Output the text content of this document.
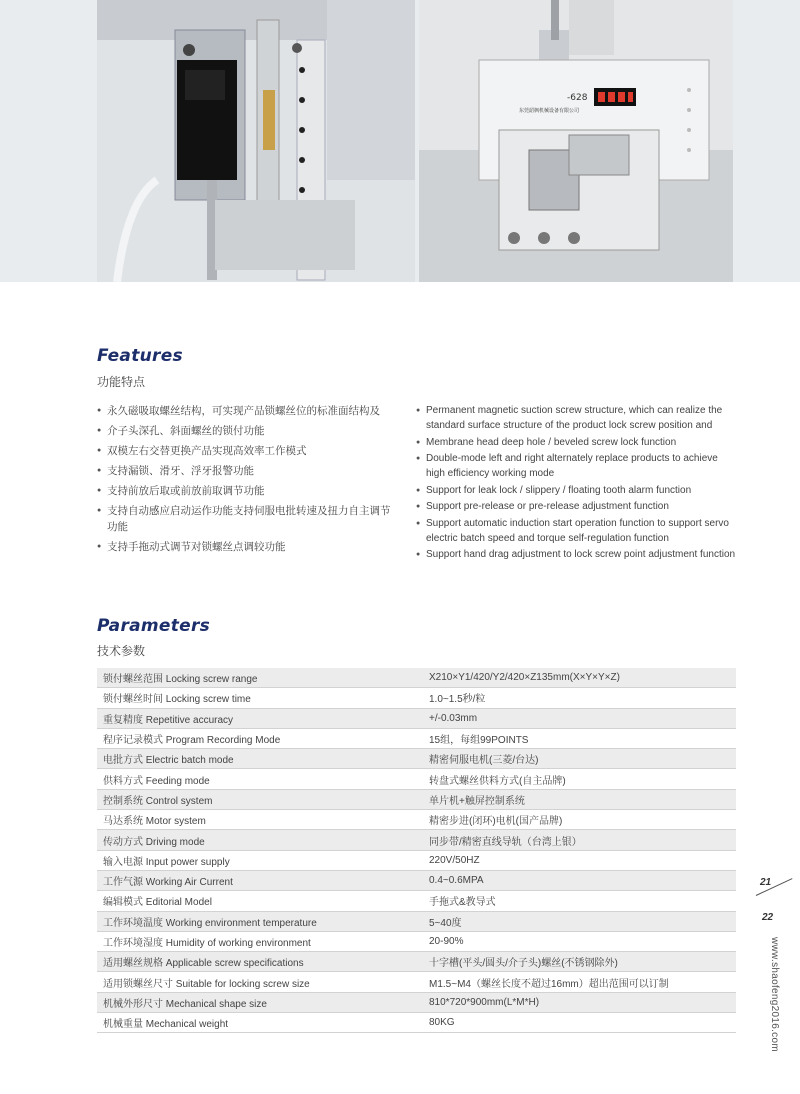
-628
东莞韶枫机械设备有限公司
Features
功能特点
● 永久磁吸取螺丝结构，可实现产品锁螺丝位的标准面结构及
● 介子头深孔、斜面螺丝的锁付功能
● 双模左右交替更换产品实现高效率工作模式
● 支持漏锁、滑牙、浮牙报警功能
● 支持前放后取或前放前取调节功能
● 支持自动感应启动运作功能支持伺服电批转速及扭力自主调节功能
● 支持手拖动式调节对锁螺丝点调较功能
● Permanent magnetic suction screw structure, which can realize the standard surface structure of the product lock screw position and
● Membrane head deep hole / beveled screw lock function
● Double-mode left and right alternately replace products to achieve high efficiency working mode
● Support for leak lock / slippery / floating tooth alarm function
● Support pre-release or pre-release adjustment function
● Support automatic induction start operation function to support servo electric batch speed and torque self-regulation function
● Support hand drag adjustment to lock screw point adjustment function
Parameters
技术参数
锁付螺丝范围 Locking screw range	X210×Y1/420/Y2/420×Z135mm(X×Y×Y×Z)
锁付螺丝时间 Locking screw time	1.0~1.5秒/粒
重复精度 Repetitive accuracy	+/-0.03mm
程序记录模式 Program Recording Mode	15组，每组99POINTS
电批方式 Electric batch mode	精密伺服电机(三菱/台达)
供料方式 Feeding mode	转盘式螺丝供料方式(自主品牌)
控制系统 Control system	单片机+触屏控制系统
马达系统 Motor system	精密步进(闭环)电机(国产品牌)
传动方式 Driving mode	同步带/精密直线导轨（台湾上银）
输入电源 Input power supply	220V/50HZ
工作气源 Working Air Current	0.4~0.6MPA
编辑模式 Editorial Model	手拖式&教导式
工作环境温度 Working environment temperature	5~40度
工作环境湿度 Humidity of working environment	20-90%
适用螺丝规格 Applicable screw specifications	十字槽(平头/圆头/介子头)螺丝(不锈钢除外)
适用锁螺丝尺寸 Suitable for locking screw size	M1.5~M4（螺丝长度不超过16mm）超出范围可以订制
机械外形尺寸 Mechanical shape size	810*720*900mm(L*M*H)
机械重量 Mechanical weight	80KG
21
22
www.shaofeng2016.com
